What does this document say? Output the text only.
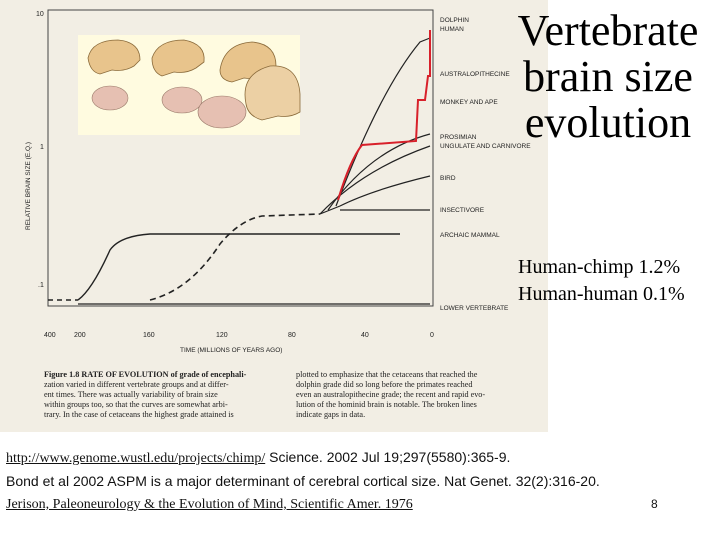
RELATIVE BRAIN SIZE (E.Q.)
10
1
.1
400	200	160	120	80	40	0
TIME (MILLIONS OF YEARS AGO)
DOLPHIN
HUMAN
AUSTRALOPITHECINE
MONKEY AND APE
PROSIMIAN
UNGULATE AND CARNIVORE
BIRD
INSECTIVORE
ARCHAIC MAMMAL
LOWER VERTEBRATE
Figure 1.8 RATE OF EVOLUTION of grade of encephali-
zation varied in different vertebrate groups and at differ-
ent times. There was actually variability of brain size
within groups too, so that the curves are somewhat arbi-
trary. In the case of cetaceans the highest grade attained is
plotted to emphasize that the cetaceans that reached the
dolphin grade did so long before the primates reached
even an australopithecine grade; the recent and rapid evo-
lution of the hominid brain is notable. The broken lines
indicate gaps in data.
Vertebrate
brain size
evolution
Human-chimp 1.2%
Human-human 0.1%
http://www.genome.wustl.edu/projects/chimp/ Science. 2002 Jul 19;297(5580):365-9.
Bond et al 2002 ASPM is a major determinant of cerebral cortical size. Nat Genet. 32(2):316-20.
Jerison, Paleoneurology & the Evolution of Mind, Scientific Amer. 1976	8
